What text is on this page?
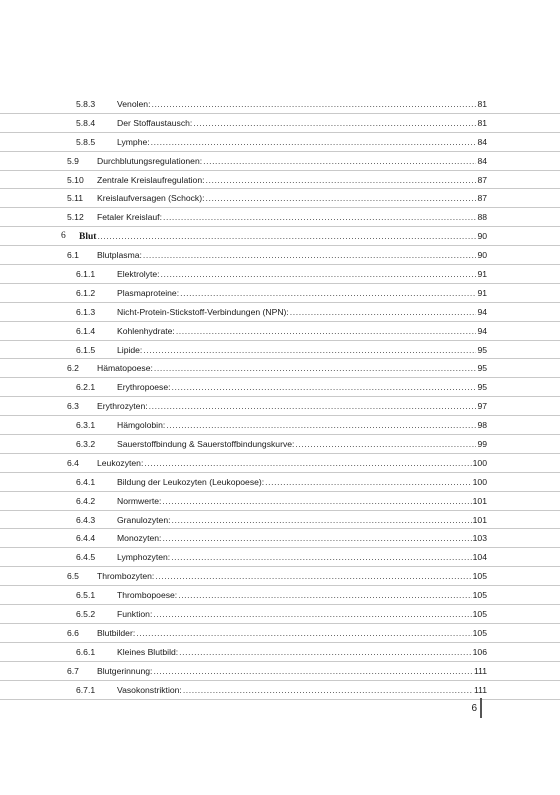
5.8.3	Venolen: .....	81
5.8.4	Der Stoffaustausch: .....	81
5.8.5	Lymphe: .....	84
5.9 Durchblutungsregulationen: .....	84
5.10 Zentrale Kreislaufregulation: .....	87
5.11 Kreislaufversagen (Schock): .....	87
5.12 Fetaler Kreislauf: .....	88
6 Blut .....	90
6.1 Blutplasma: .....	90
6.1.1	Elektrolyte: .....	91
6.1.2	Plasmaproteine: .....	91
6.1.3	Nicht-Protein-Stickstoff-Verbindungen (NPN): .....	94
6.1.4	Kohlenhydrate: .....	94
6.1.5	Lipide: .....	95
6.2 Hämatopoese: .....	95
6.2.1	Erythropoese: .....	95
6.3 Erythrozyten: .....	97
6.3.1	Hämgolobin: .....	98
6.3.2	Sauerstoffbindung & Sauerstoffbindungskurve: .....	99
6.4 Leukozyten: .....	100
6.4.1	Bildung der Leukozyten (Leukopoese): .....	100
6.4.2	Normwerte: .....	101
6.4.3	Granulozyten: .....	101
6.4.4	Monozyten: .....	103
6.4.5	Lymphozyten: .....	104
6.5 Thrombozyten: .....	105
6.5.1	Thrombopoese: .....	105
6.5.2	Funktion: .....	105
6.6 Blutbilder: .....	105
6.6.1	Kleines Blutbild: .....	106
6.7 Blutgerinnung: .....	111
6.7.1	Vasokonstriktion: .....	111
6
